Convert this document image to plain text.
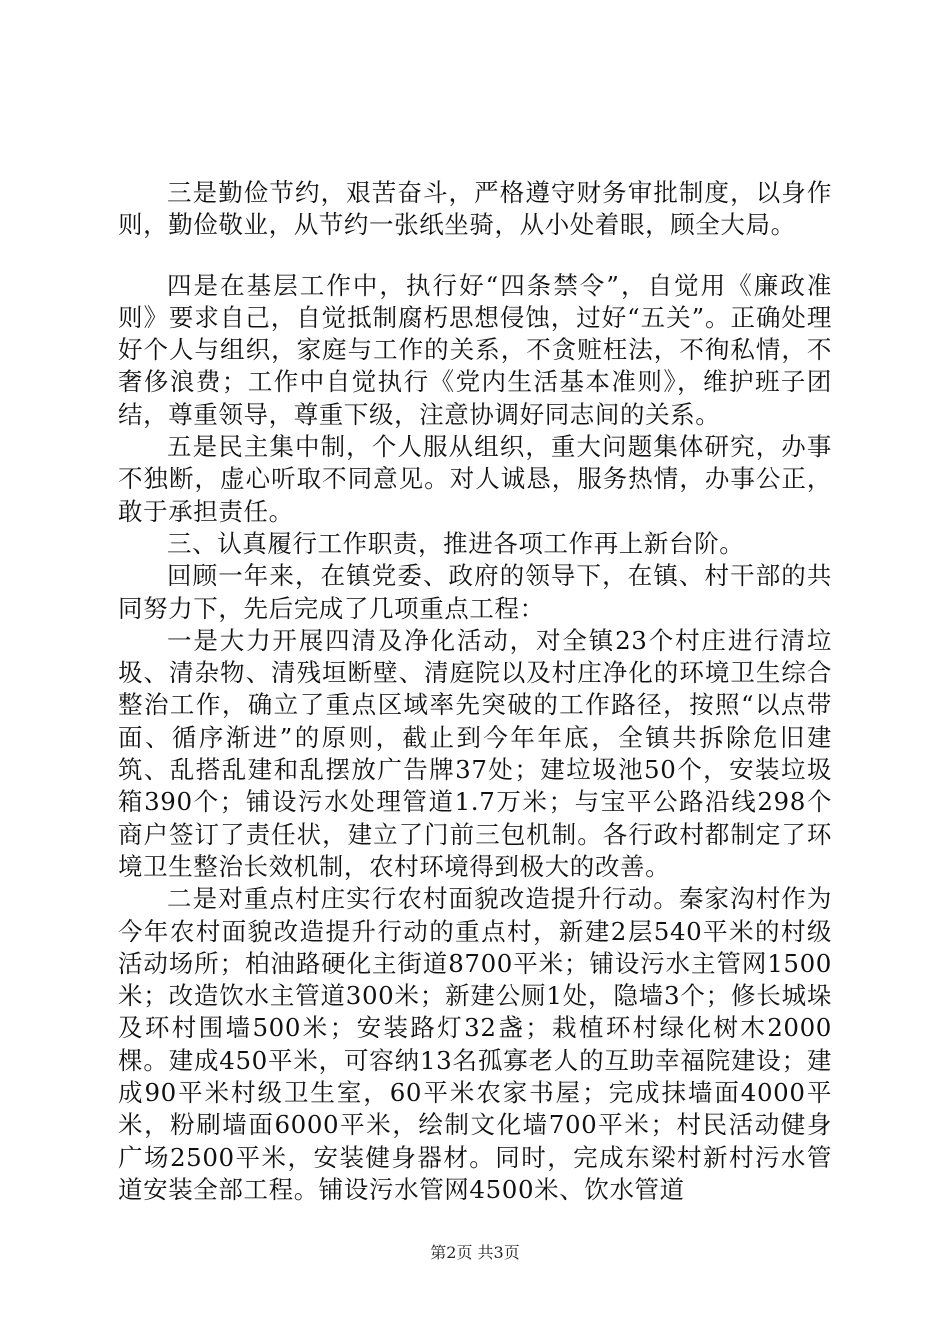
三是勤俭节约，艰苦奋斗，严格遵守财务审批制度，以身作则，勤俭敬业，从节约一张纸坐骑，从小处着眼，顾全大局。

四是在基层工作中，执行好“四条禁令”，自觉用《廉政准则》要求自己，自觉抵制腐朽思想侵蚀，过好“五关”。正确处理好个人与组织，家庭与工作的关系，不贪赃枉法，不徇私情，不奢侈浪费；工作中自觉执行《党内生活基本准则》，维护班子团结，尊重领导，尊重下级，注意协调好同志间的关系。

五是民主集中制，个人服从组织，重大问题集体研究，办事不独断，虚心听取不同意见。对人诚恳，服务热情，办事公正，敢于承担责任。

三、认真履行工作职责，推进各项工作再上新台阶。

回顾一年来，在镇党委、政府的领导下，在镇、村干部的共同努力下，先后完成了几项重点工程：

一是大力开展四清及净化活动，对全镇23个村庄进行清垃圾、清杂物、清残垣断壁、清庭院以及村庄净化的环境卫生综合整治工作，确立了重点区域率先突破的工作路径，按照“以点带面、循序渐进”的原则，截止到今年年底，全镇共拆除危旧建筑、乱搭乱建和乱摆放广告牌37处；建垃圾池50个，安装垃圾箱390个；铺设污水处理管道1.7万米；与宝平公路沿线298个商户签订了责任状，建立了门前三包机制。各行政村都制定了环境卫生整治长效机制，农村环境得到极大的改善。

二是对重点村庄实行农村面貌改造提升行动。秦家沟村作为今年农村面貌改造提升行动的重点村，新建2层540平米的村级活动场所；柏油路硬化主街道8700平米；铺设污水主管网1500米；改造饮水主管道300米；新建公厕1处，隐墙3个；修长城垛及环村围墙500米；安装路灯32盏；栽植环村绿化树木2000棵。建成450平米，可容纳13名孤寡老人的互助幸福院建设；建成90平米村级卫生室，60平米农家书屋；完成抹墙面4000平米，粉刷墙面6000平米，绘制文化墙700平米；村民活动健身广场2500平米，安装健身器材。同时，完成东梁村新村污水管道安装全部工程。铺设污水管网4500米、饮水管道

第2页 共3页
